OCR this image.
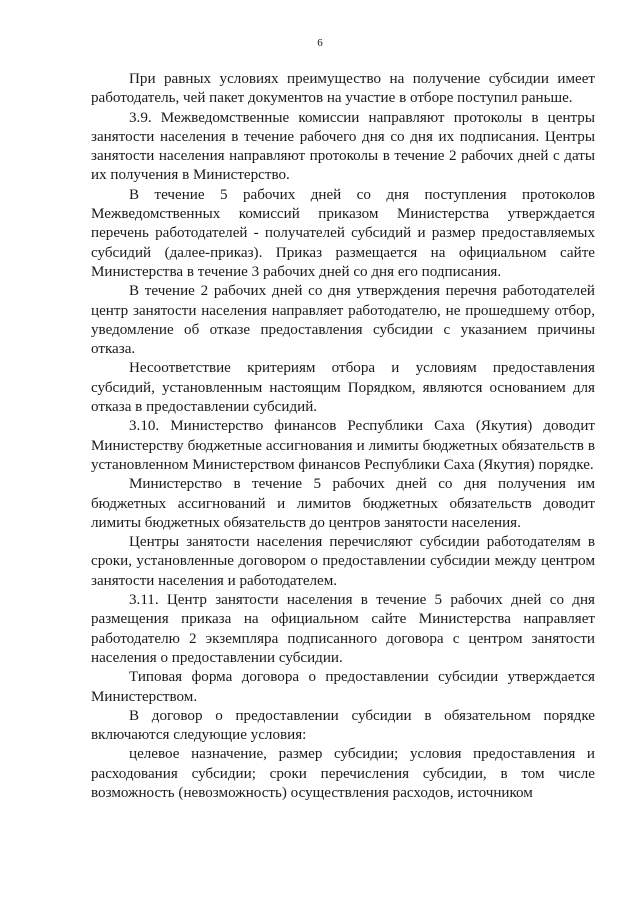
6

При равных условиях преимущество на получение субсидии имеет работодатель, чей пакет документов на участие в отборе поступил раньше.

3.9. Межведомственные комиссии направляют протоколы в центры занятости населения в течение рабочего дня со дня их подписания. Центры занятости населения направляют протоколы в течение 2 рабочих дней с даты их получения в Министерство.

В течение 5 рабочих дней со дня поступления протоколов Межведомственных комиссий приказом Министерства утверждается перечень работодателей - получателей субсидий и размер предоставляемых субсидий (далее-приказ). Приказ размещается на официальном сайте Министерства в течение 3 рабочих дней со дня его подписания.

В течение 2 рабочих дней со дня утверждения перечня работодателей центр занятости населения направляет работодателю, не прошедшему отбор, уведомление об отказе предоставления субсидии с указанием причины отказа.

Несоответствие критериям отбора и условиям предоставления субсидий, установленным настоящим Порядком, являются основанием для отказа в предоставлении субсидий.

3.10. Министерство финансов Республики Саха (Якутия) доводит Министерству бюджетные ассигнования и лимиты бюджетных обязательств в установленном Министерством финансов Республики Саха (Якутия) порядке.

Министерство в течение 5 рабочих дней со дня получения им бюджетных ассигнований и лимитов бюджетных обязательств доводит лимиты бюджетных обязательств до центров занятости населения.

Центры занятости населения перечисляют субсидии работодателям в сроки, установленные договором о предоставлении субсидии между центром занятости населения и работодателем.

3.11. Центр занятости населения в течение 5 рабочих дней со дня размещения приказа на официальном сайте Министерства направляет работодателю 2 экземпляра подписанного договора с центром занятости населения о предоставлении субсидии.

Типовая форма договора о предоставлении субсидии утверждается Министерством.

В договор о предоставлении субсидии в обязательном порядке включаются следующие условия:

целевое назначение, размер субсидии; условия предоставления и расходования субсидии; сроки перечисления субсидии, в том числе возможность (невозможность) осуществления расходов, источником
